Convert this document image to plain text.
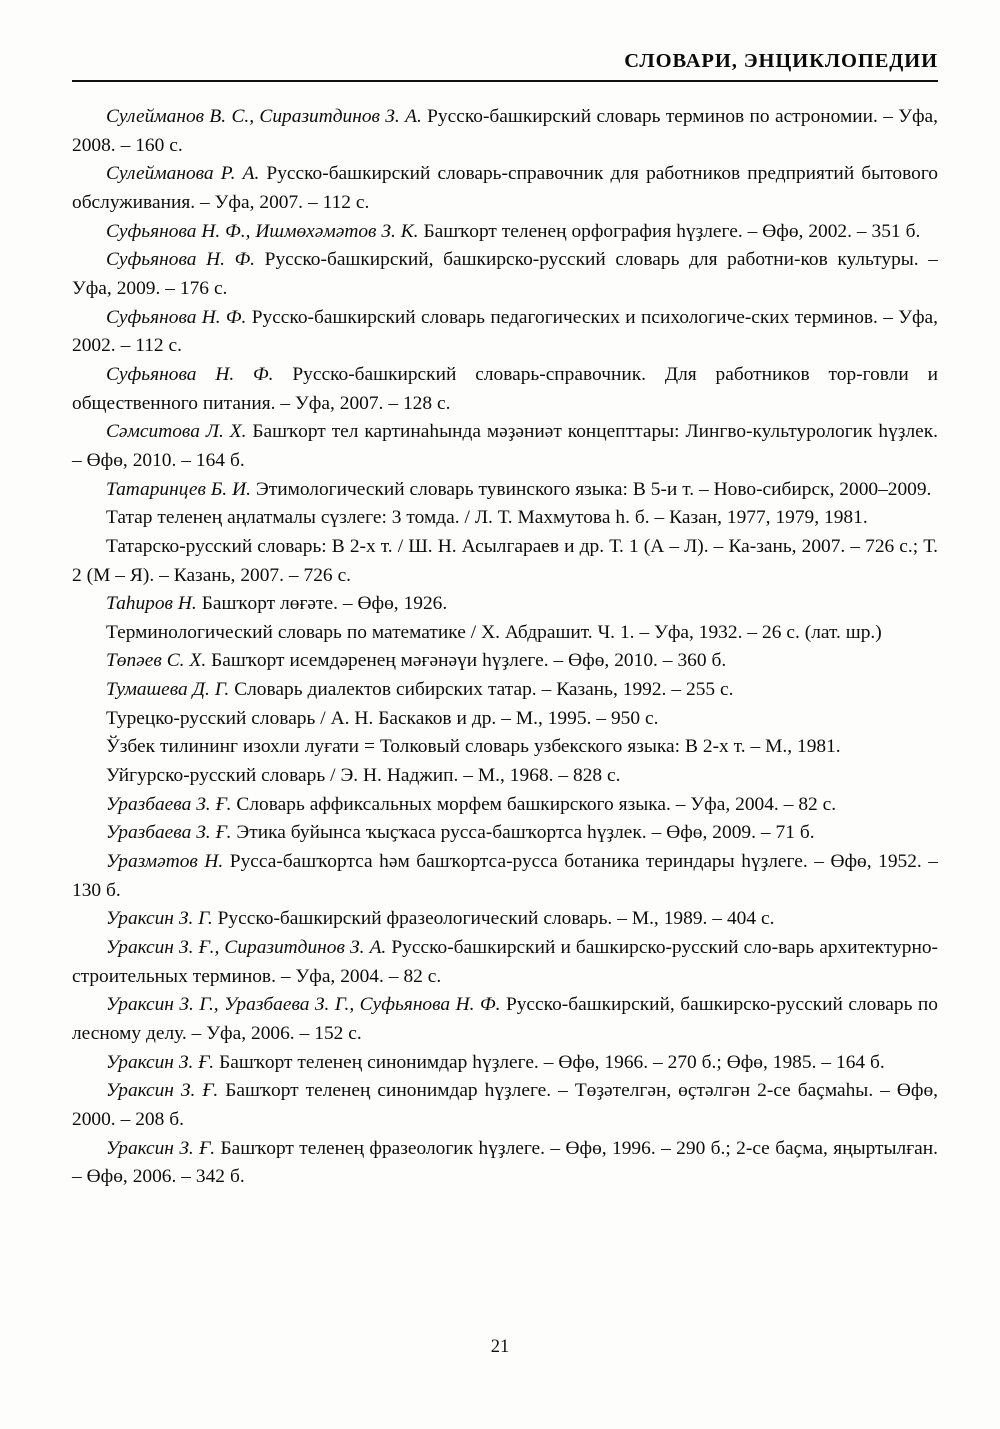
СЛОВАРИ, ЭНЦИКЛОПЕДИИ

Сулейманов В. С., Сиразитдинов З. А. Русско-башкирский словарь терминов по астрономии. – Уфа, 2008. – 160 с.

Сулейманова Р. А. Русско-башкирский словарь-справочник для работников предприятий бытового обслуживания. – Уфа, 2007. – 112 с.

Суфьянова Н. Ф., Ишмөхәмәтов З. К. Башҡорт теленең орфография һүҙлеге. – Өфө, 2002. – 351 б.

Суфьянова Н. Ф. Русско-башкирский, башкирско-русский словарь для работни-ков культуры. – Уфа, 2009. – 176 с.

Суфьянова Н. Ф. Русско-башкирский словарь педагогических и психологиче-ских терминов. – Уфа, 2002. – 112 с.

Суфьянова Н. Ф. Русско-башкирский словарь-справочник. Для работников тор-говли и общественного питания. – Уфа, 2007. – 128 с.

Сәмситова Л. Х. Башҡорт тел картинаһында мәҙәниәт концепттары: Лингво-культурологик һүҙлек. – Өфө, 2010. – 164 б.

Татаринцев Б. И. Этимологический словарь тувинского языка: В 5-и т. – Ново-сибирск, 2000–2009.

Татар теленең аңлатмалы сүзлеге: 3 томда. / Л. Т. Махмутова һ. б. – Казан, 1977, 1979, 1981.

Татарско-русский словарь: В 2-х т. / Ш. Н. Асылгараев и др. Т. 1 (А – Л). – Ка-зань, 2007. – 726 с.; Т. 2 (М – Я). – Казань, 2007. – 726 с.

Таһиров Н. Башҡорт лөғәте. – Өфө, 1926.

Терминологический словарь по математике / Х. Абдрашит. Ч. 1. – Уфа, 1932. – 26 с. (лат. шр.)

Төпәев С. Х. Башҡорт исемдәренең мәғәнәүи һүҙлеге. – Өфө, 2010. – 360 б.

Тумашева Д. Г. Словарь диалектов сибирских татар. – Казань, 1992. – 255 с.

Турецко-русский словарь / А. Н. Баскаков и др. – М., 1995. – 950 с.

Ўзбек тилининг изохли луғати = Толковый словарь узбекского языка: В 2-х т. – М., 1981.

Уйгурско-русский словарь / Э. Н. Наджип. – М., 1968. – 828 с.

Уразбаева З. Ғ. Словарь аффиксальных морфем башкирского языка. – Уфа, 2004. – 82 с.

Уразбаева З. Ғ. Этика буйынса ҡыҫҡаса русса-башҡортса һүҙлек. – Өфө, 2009. – 71 б.

Уразмәтов Н. Русса-башҡортса һәм башҡортса-русса ботаника териндары һүҙлеге. – Өфө, 1952. – 130 б.

Ураксин З. Г. Русско-башкирский фразеологический словарь. – М., 1989. – 404 с.

Ураксин З. Ғ., Сиразитдинов З. А. Русско-башкирский и башкирско-русский сло-варь архитектурно-строительных терминов. – Уфа, 2004. – 82 с.

Ураксин З. Г., Уразбаева З. Г., Суфьянова Н. Ф. Русско-башкирский, башкирско-русский словарь по лесному делу. – Уфа, 2006. – 152 с.

Ураксин З. Ғ. Башҡорт теленең синонимдар һүҙлеге. – Өфө, 1966. – 270 б.; Өфө, 1985. – 164 б.

Ураксин З. Ғ. Башҡорт теленең синонимдар һүҙлеге. – Төҙәтелгән, өҫтәлгән 2-се баҫмаһы. – Өфө, 2000. – 208 б.

Ураксин З. Ғ. Башҡорт теленең фразеологик һүҙлеге. – Өфө, 1996. – 290 б.; 2-се баҫма, яңыртылған. – Өфө, 2006. – 342 б.

21
